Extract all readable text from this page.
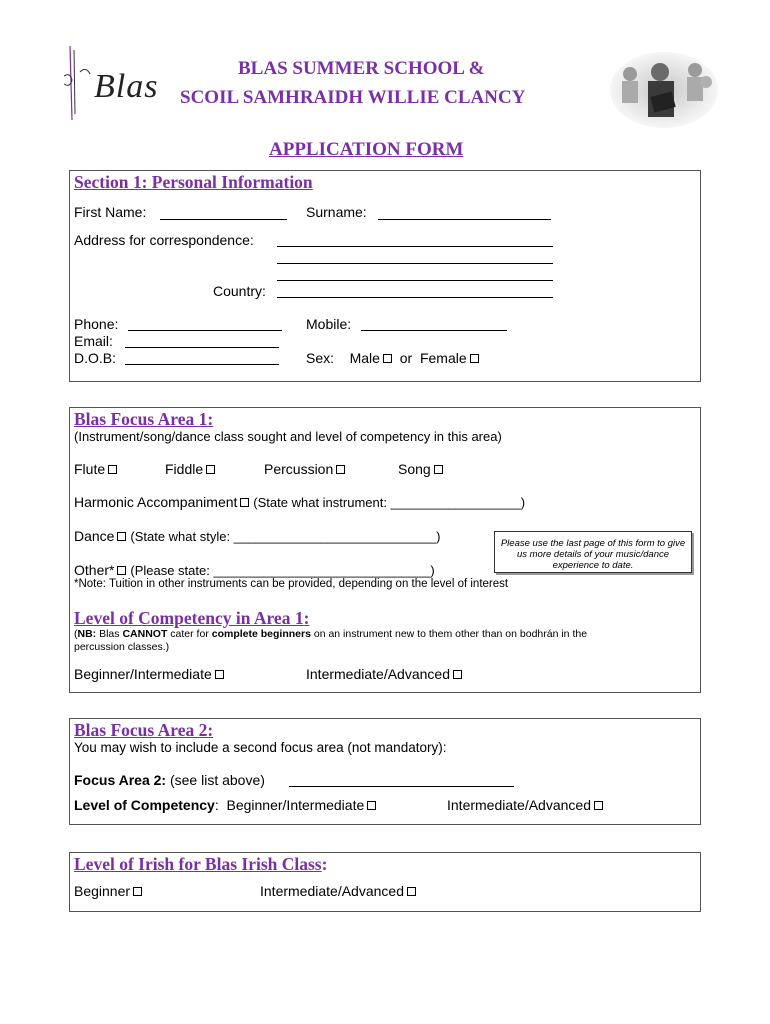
Blas	BLAS SUMMER SCHOOL &
SCOIL SAMHRAIDH WILLIE CLANCY
APPLICATION FORM
Section 1: Personal Information
First Name:	Surname:
Address for correspondence:
Country:
Phone:	Mobile:
Email:
D.O.B:	Sex: Male or Female
Blas Focus Area 1:
(Instrument/song/dance class sought and level of competency in this area)
Flute	Fiddle	Percussion	Song
Harmonic Accompaniment (State what instrument: __________________)
Dance (State what style: ____________________________)	Please use the last page of this form to give us more details of your music/dance experience to date.
Other* (Please state: ______________________________)
*Note: Tuition in other instruments can be provided, depending on the level of interest
Level of Competency in Area 1:
(NB: Blas CANNOT cater for complete beginners on an instrument new to them other than on bodhrán in the
percussion classes.)
Beginner/Intermediate	Intermediate/Advanced
Blas Focus Area 2:
You may wish to include a second focus area (not mandatory):
Focus Area 2: (see list above)
Level of Competency:  Beginner/Intermediate	Intermediate/Advanced
Level of Irish for Blas Irish Class:
Beginner	Intermediate/Advanced
